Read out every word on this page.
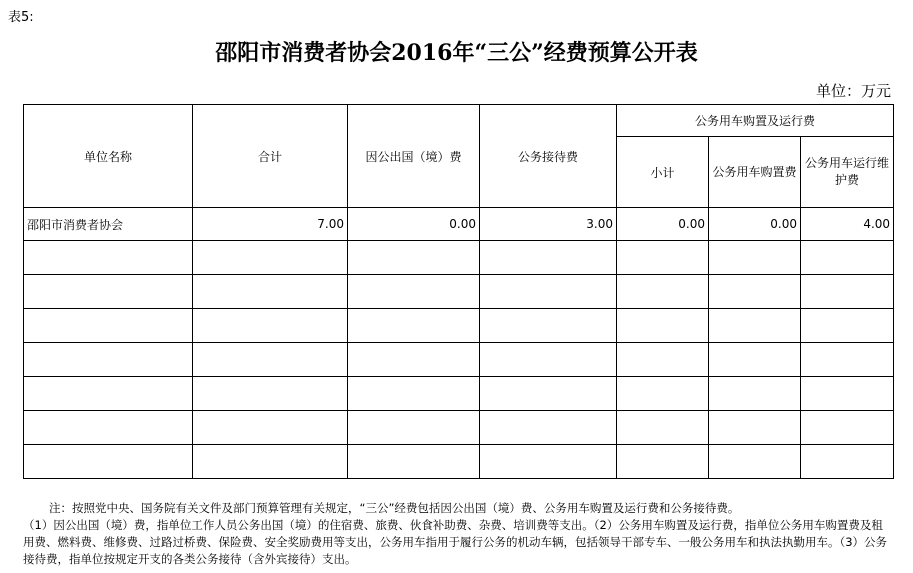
表5:
邵阳市消费者协会2016年“三公”经费预算公开表
单位：万元
单位名称	合计	因公出国（境）费	公务接待费	公务用车购置及运行费		
				小计	公务用车购置费	公务用车运行维护费
邵阳市消费者协会	7.00	0.00	3.00	0.00	0.00	4.00

注：按照党中央、国务院有关文件及部门预算管理有关规定，“三公”经费包括因公出国（境）费、公务用车购置及运行费和公务接待费。
（1）因公出国（境）费，指单位工作人员公务出国（境）的住宿费、旅费、伙食补助费、杂费、培训费等支出。（2）公务用车购置及运行费，指单位公务用车购置费及租用费、燃料费、维修费、过路过桥费、保险费、安全奖励费用等支出，公务用车指用于履行公务的机动车辆，包括领导干部专车、一般公务用车和执法执勤用车。（3）公务接待费，指单位按规定开支的各类公务接待（含外宾接待）支出。
